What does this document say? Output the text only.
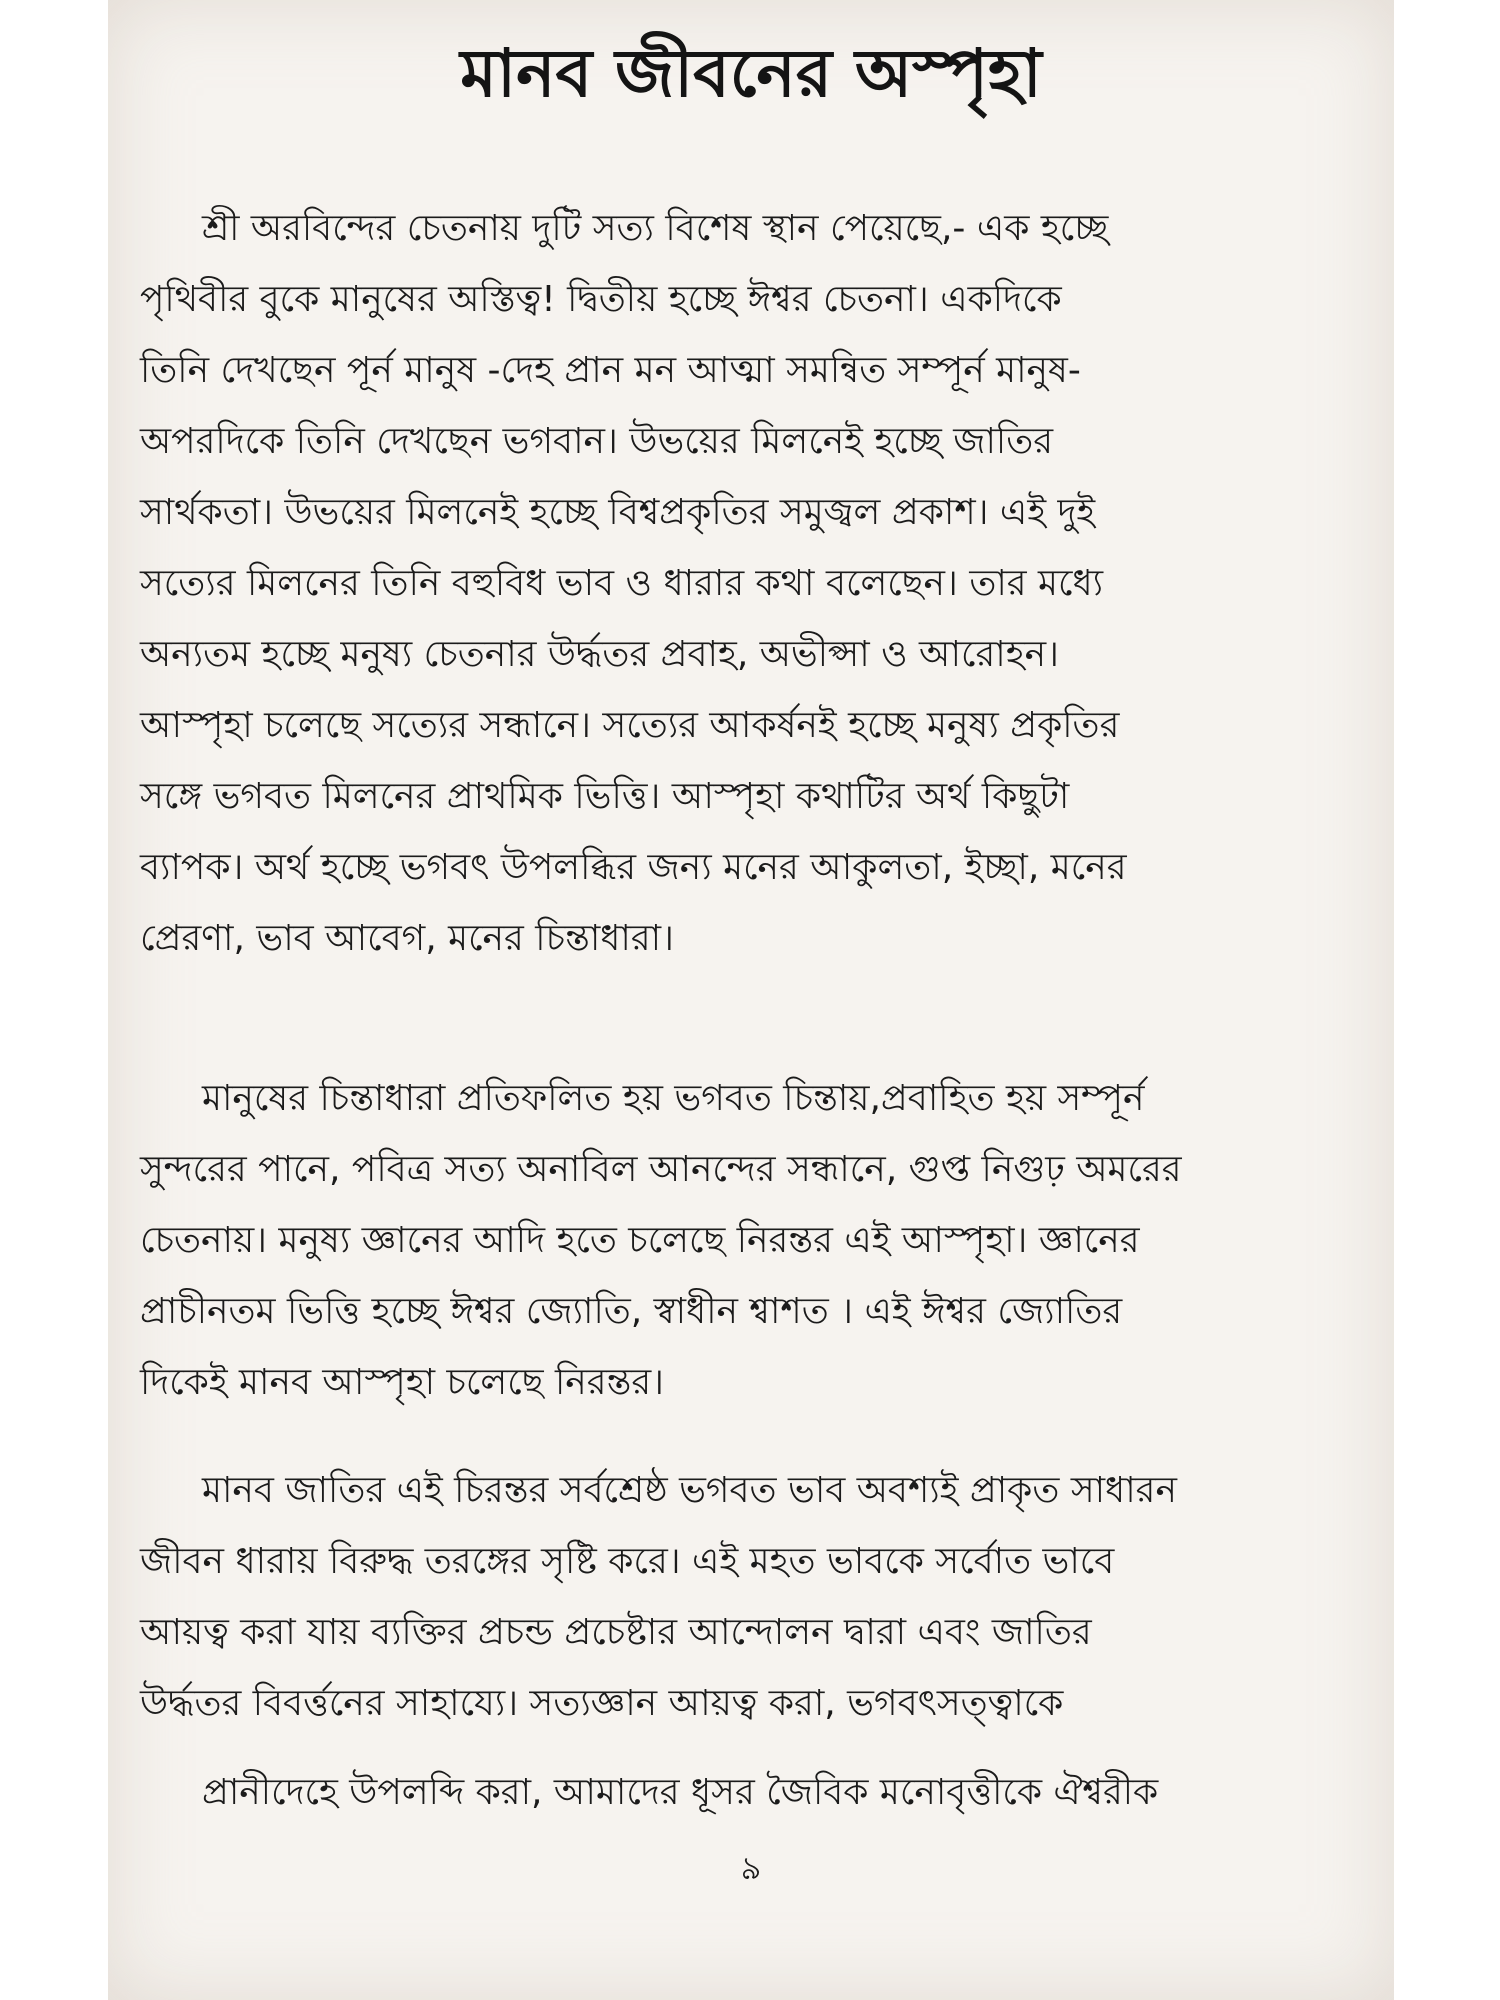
মানব জীবনের অস্পৃহা
শ্রী অরবিন্দের চেতনায় দুটি সত্য বিশেষ স্থান পেয়েছে,- এক হচ্ছে
পৃথিবীর বুকে মানুষের অস্তিত্ব! দ্বিতীয় হচ্ছে ঈশ্বর চেতনা। একদিকে
তিনি দেখছেন পূর্ন মানুষ -দেহ প্রান মন আত্মা সমন্বিত সম্পূর্ন মানুষ-
অপরদিকে তিনি দেখছেন ভগবান। উভয়ের মিলনেই হচ্ছে জাতির
সার্থকতা। উভয়ের মিলনেই হচ্ছে বিশ্বপ্রকৃতির সমুজ্বল প্রকাশ। এই দুই
সত্যের মিলনের তিনি বহুবিধ ভাব ও ধারার কথা বলেছেন। তার মধ্যে
অন্যতম হচ্ছে মনুষ্য চেতনার উর্দ্ধতর প্রবাহ, অভীপ্সা ও আরোহন।
আস্পৃহা চলেছে সত্যের সন্ধানে। সত্যের আকর্ষনই হচ্ছে মনুষ্য প্রকৃতির
সঙ্গে ভগবত মিলনের প্রাথমিক ভিত্তি। আস্পৃহা কথাটির অর্থ কিছুটা
ব্যাপক। অর্থ হচ্ছে ভগবৎ উপলব্ধির জন্য মনের আকুলতা, ইচ্ছা, মনের
প্রেরণা, ভাব আবেগ, মনের চিন্তাধারা।
মানুষের চিন্তাধারা প্রতিফলিত হয় ভগবত চিন্তায়,প্রবাহিত হয় সম্পূর্ন
সুন্দরের পানে, পবিত্র সত্য অনাবিল আনন্দের সন্ধানে, গুপ্ত নিগুঢ় অমরের
চেতনায়। মনুষ্য জ্ঞানের আদি হতে চলেছে নিরন্তর এই আস্পৃহা। জ্ঞানের
প্রাচীনতম ভিত্তি হচ্ছে ঈশ্বর জ্যোতি, স্বাধীন শ্বাশত । এই ঈশ্বর জ্যোতির
দিকেই মানব আস্পৃহা চলেছে নিরন্তর।
মানব জাতির এই চিরন্তর সর্বশ্রেষ্ঠ ভগবত ভাব অবশ্যই প্রাকৃত সাধারন
জীবন ধারায় বিরুদ্ধ তরঙ্গের সৃষ্টি করে। এই মহত ভাবকে সর্বোত ভাবে
আয়ত্ব করা যায় ব্যক্তির প্রচন্ড প্রচেষ্টার আন্দোলন দ্বারা এবং জাতির
উর্দ্ধতর বিবর্ত্তনের সাহায্যে। সত্যজ্ঞান আয়ত্ব করা, ভগবৎসত্ত্বাকে
প্রানীদেহে উপলব্দি করা, আমাদের ধূসর জৈবিক মনোবৃত্তীকে ঐশ্বরীক
৯
